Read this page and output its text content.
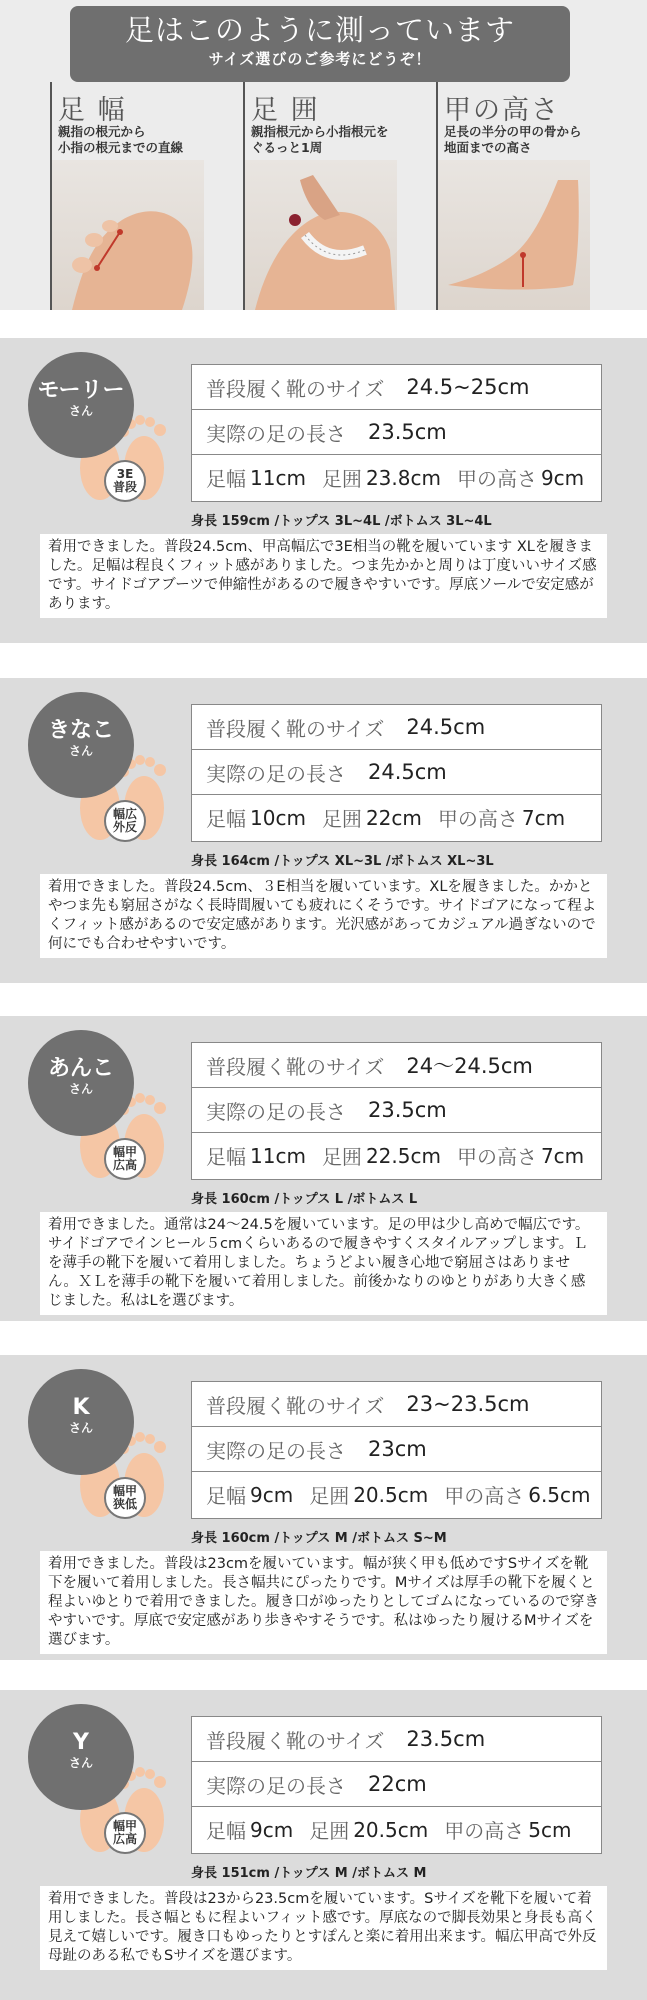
足はこのように測っています
サイズ選びのご参考にどうぞ！
足 幅
親指の根元から
小指の根元までの直線
足 囲
親指根元から小指根元を
ぐるっと1周
甲の高さ
足長の半分の甲の骨から
地面までの高さ
モーリー
さん
3E
普段
普段履く靴のサイズ 24.5~25cm
実際の足の長さ 23.5cm
足幅 11cm 足囲 23.8cm 甲の高さ 9cm
身長 159cm /トップス 3L~4L /ボトムス 3L~4L
着用できました。普段24.5cm、甲高幅広で3E相当の靴を履いています XLを履きました。足幅は程良くフィット感がありました。つま先かかと周りは丁度いいサイズ感です。サイドゴアブーツで伸縮性があるので履きやすいです。厚底ソールで安定感があります。
きなこ
さん
幅広
外反
普段履く靴のサイズ 24.5cm
実際の足の長さ 24.5cm
足幅 10cm 足囲 22cm 甲の高さ 7cm
身長 164cm /トップス XL~3L /ボトムス XL~3L
着用できました。普段24.5cm、３E相当を履いています。XLを履きました。かかとやつま先も窮屈さがなく長時間履いても疲れにくそうです。サイドゴアになって程よくフィット感があるので安定感があります。光沢感があってカジュアル過ぎないので何にでも合わせやすいです。
あんこ
さん
幅甲
広高
普段履く靴のサイズ 24〜24.5cm
実際の足の長さ 23.5cm
足幅 11cm 足囲 22.5cm 甲の高さ 7cm
身長 160cm /トップス L /ボトムス L
着用できました。通常は24〜24.5を履いています。足の甲は少し高めで幅広です。サイドゴアでインヒール５cmくらいあるので履きやすくスタイルアップします。Ｌを薄手の靴下を履いて着用しました。ちょうどよい履き心地で窮屈さはありません。ＸＬを薄手の靴下を履いて着用しました。前後かなりのゆとりがあり大きく感じました。私はLを選びます。
K
さん
幅甲
狭低
普段履く靴のサイズ 23~23.5cm
実際の足の長さ 23cm
足幅 9cm 足囲 20.5cm 甲の高さ 6.5cm
身長 160cm /トップス M /ボトムス S~M
着用できました。普段は23cmを履いています。幅が狭く甲も低めですSサイズを靴下を履いて着用しました。長さ幅共にぴったりです。Mサイズは厚手の靴下を履くと程よいゆとりで着用できました。履き口がゆったりとしてゴムになっているので穿きやすいです。厚底で安定感があり歩きやすそうです。私はゆったり履けるMサイズを選びます。
Y
さん
幅甲
広高
普段履く靴のサイズ 23.5cm
実際の足の長さ 22cm
足幅 9cm 足囲 20.5cm 甲の高さ 5cm
身長 151cm /トップス M /ボトムス M
着用できました。普段は23から23.5cmを履いています。Sサイズを靴下を履いて着用しました。長さ幅ともに程よいフィット感です。厚底なので脚長効果と身長も高く見えて嬉しいです。履き口もゆったりとすぽんと楽に着用出来ます。幅広甲高で外反母趾のある私でもSサイズを選びます。
